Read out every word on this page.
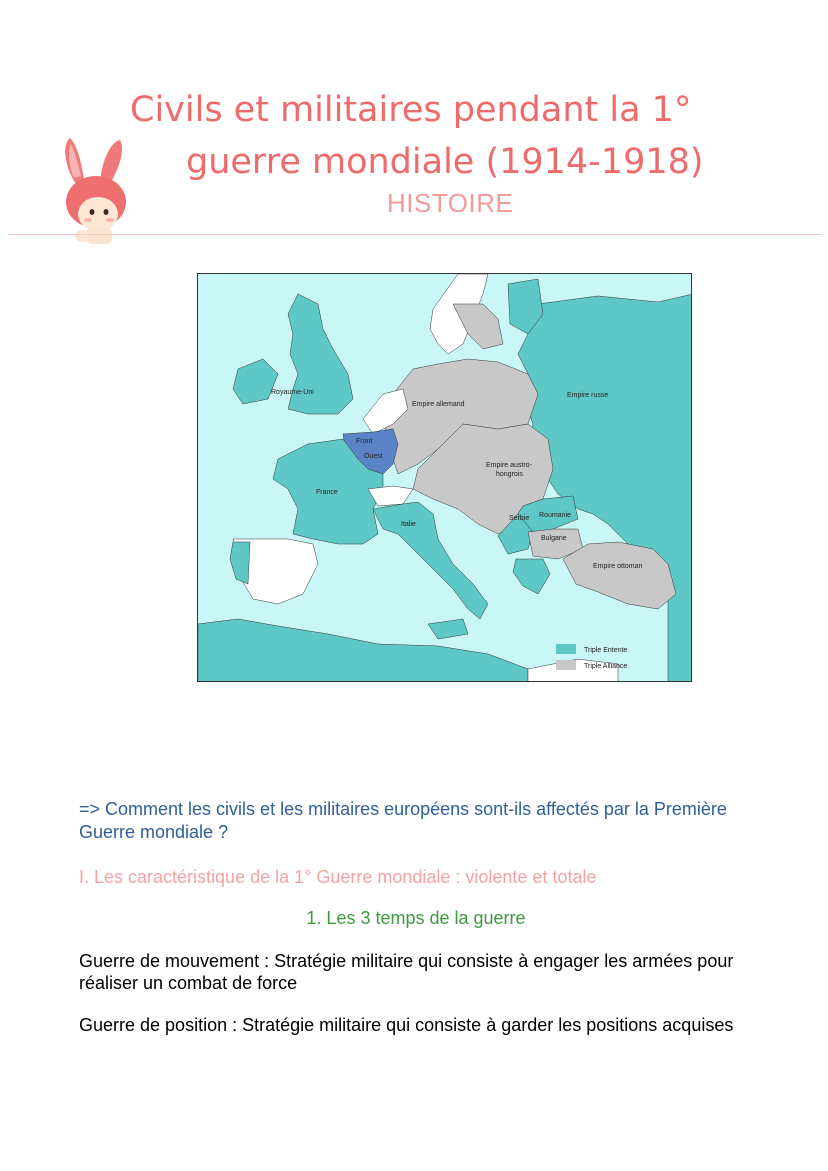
Civils et militaires pendant la 1°
guerre mondiale (1914-1918)
HISTOIRE
Royaume-Uni
Empire allemand
Empire russe
Front
Ouest
France
Empire austro-
hongrois
Italie
Serbie Roumanie
Bulgarie
Empire ottoman
Triple Entente
Triple Alliance
=> Comment les civils et les militaires européens sont-ils affectés par la Première Guerre mondiale ?
I. Les caractéristique de la 1° Guerre mondiale : violente et totale
1. Les 3 temps de la guerre
Guerre de mouvement : Stratégie militaire qui consiste à engager les armées pour réaliser un combat de force
Guerre de position : Stratégie militaire qui consiste à garder les positions acquises
